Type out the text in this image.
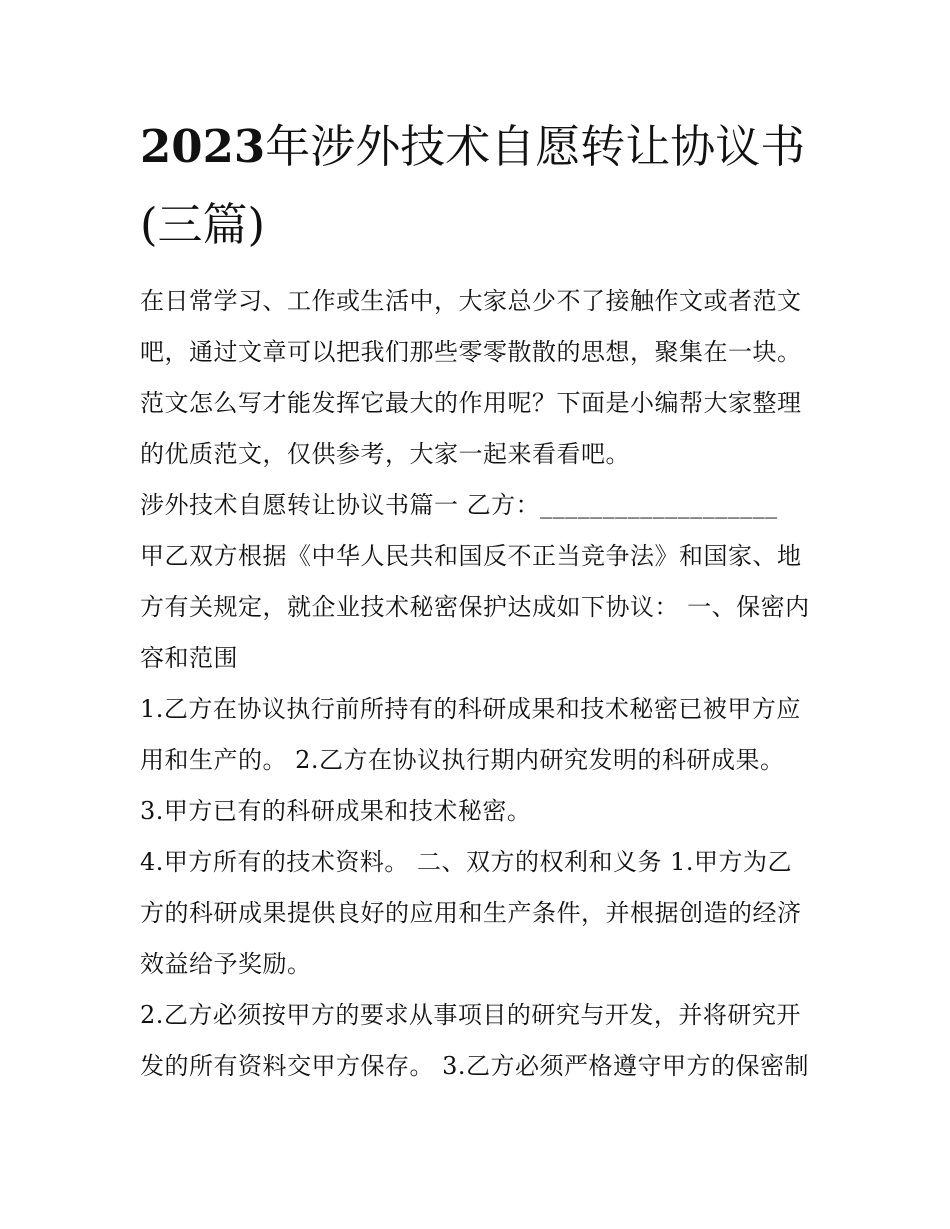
2023年涉外技术自愿转让协议书(三篇)

在日常学习、工作或生活中，大家总少不了接触作文或者范文吧，通过文章可以把我们那些零零散散的思想，聚集在一块。范文怎么写才能发挥它最大的作用呢？下面是小编帮大家整理的优质范文，仅供参考，大家一起来看看吧。

涉外技术自愿转让协议书篇一 乙方：___________________

甲乙双方根据《中华人民共和国反不正当竞争法》和国家、地方有关规定，就企业技术秘密保护达成如下协议： 一、保密内容和范围

1.乙方在协议执行前所持有的科研成果和技术秘密已被甲方应用和生产的。 2.乙方在协议执行期内研究发明的科研成果。 3.甲方已有的科研成果和技术秘密。

4.甲方所有的技术资料。 二、双方的权利和义务 1.甲方为乙方的科研成果提供良好的应用和生产条件，并根据创造的经济效益给予奖励。

2.乙方必须按甲方的要求从事项目的研究与开发，并将研究开发的所有资料交甲方保存。 3.乙方必须严格遵守甲方的保密制
